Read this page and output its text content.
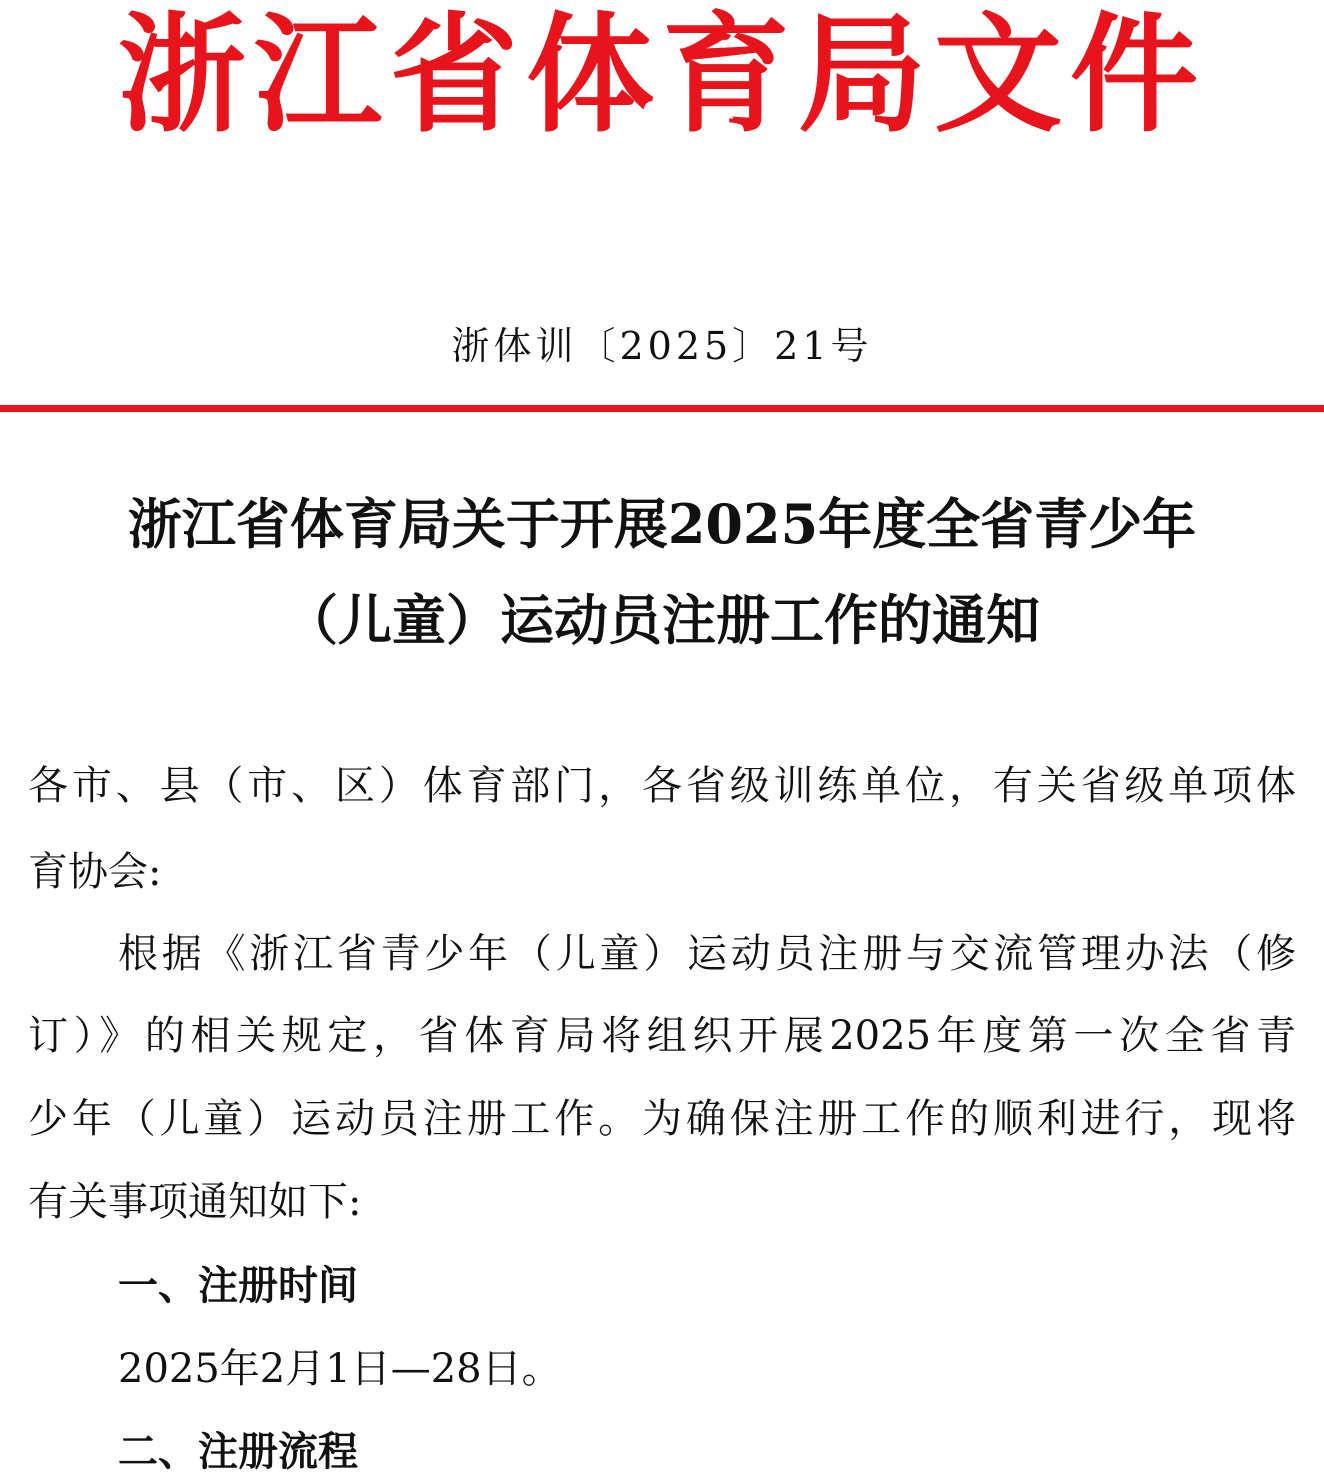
浙江省体育局文件
浙体训〔2025〕21号
浙江省体育局关于开展2025年度全省青少年
（儿童）运动员注册工作的通知
各市、县（市、区）体育部门，各省级训练单位，有关省级单项体
育协会:
根据《浙江省青少年（儿童）运动员注册与交流管理办法（修
订）》的相关规定，省体育局将组织开展2025年度第一次全省青
少年（儿童）运动员注册工作。为确保注册工作的顺利进行，现将
有关事项通知如下:
一、注册时间
2025年2月1日—28日。
二、注册流程
